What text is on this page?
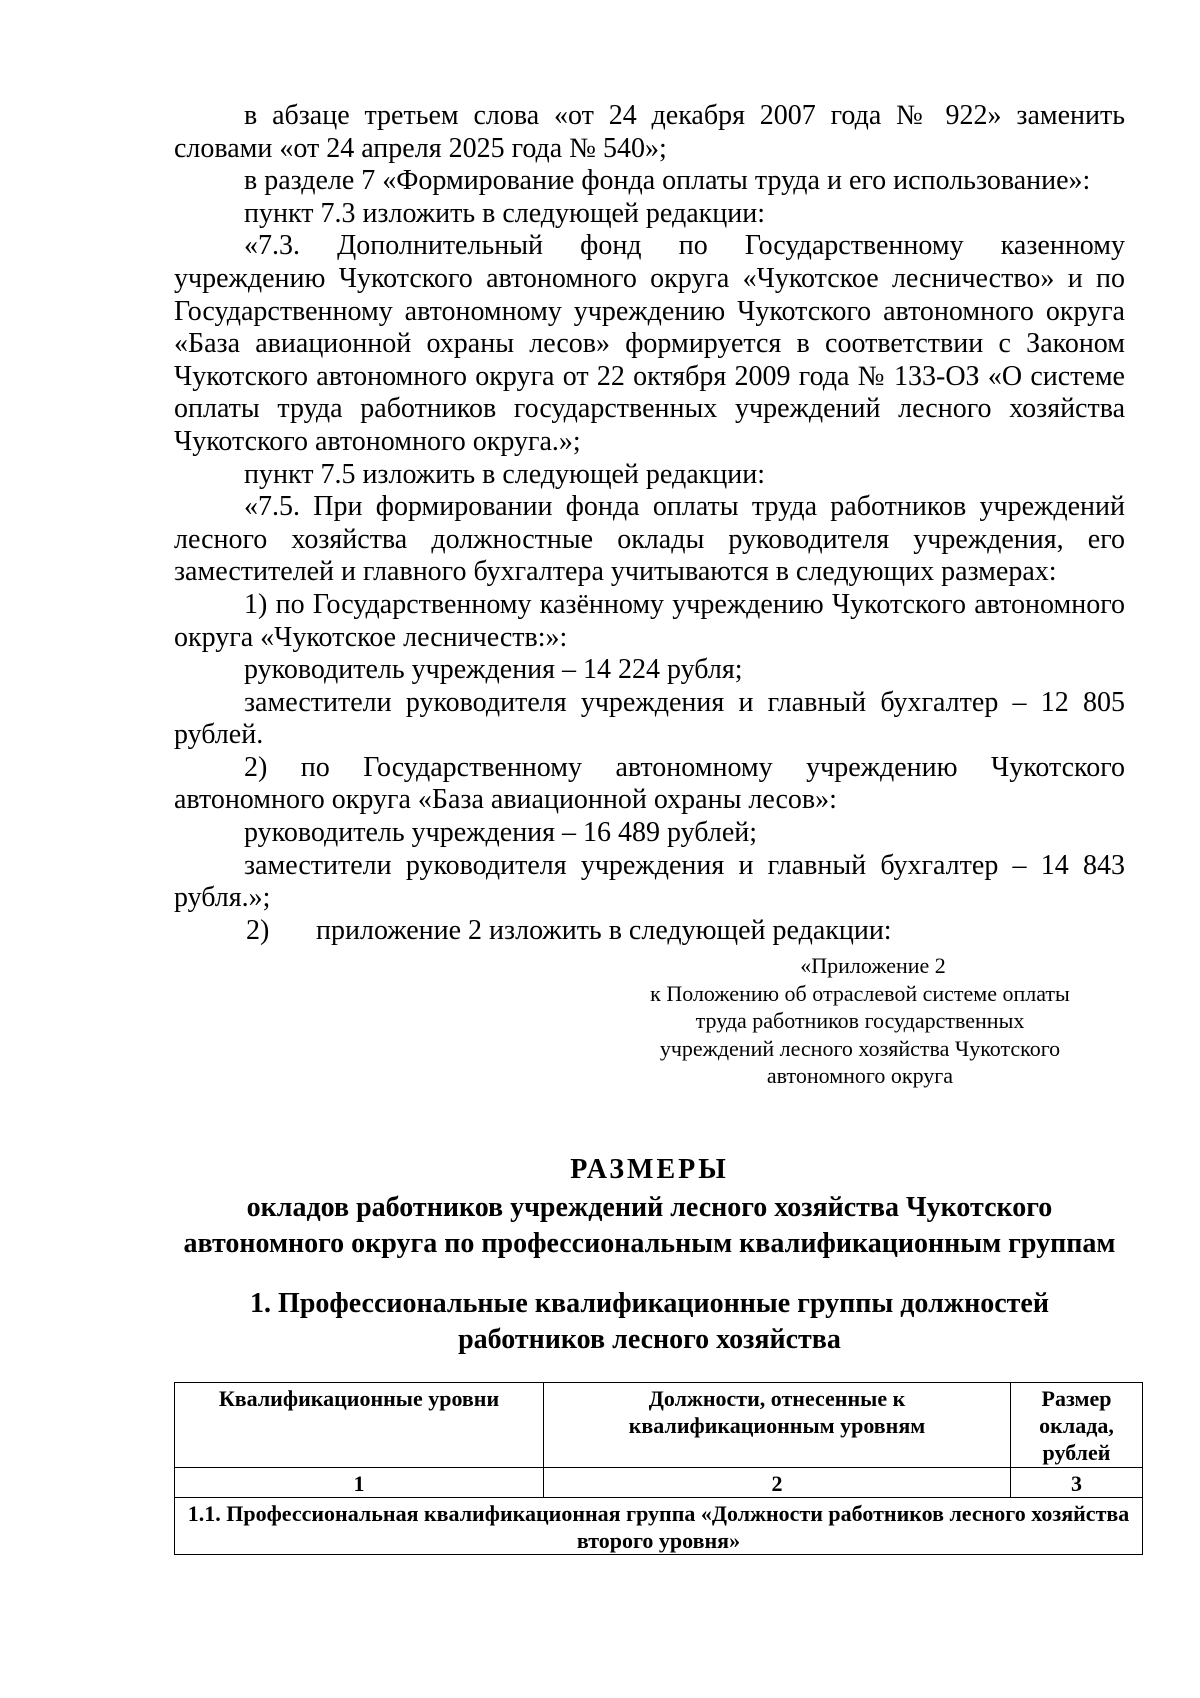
в абзаце третьем слова «от 24 декабря 2007 года № 922» заменить словами «от 24 апреля 2025 года № 540»;

в разделе 7 «Формирование фонда оплаты труда и его использование»:

пункт 7.3 изложить в следующей редакции:

«7.3. Дополнительный фонд по Государственному казенному учреждению Чукотского автономного округа «Чукотское лесничество» и по Государственному автономному учреждению Чукотского автономного округа «База авиационной охраны лесов» формируется в соответствии с Законом Чукотского автономного округа от 22 октября 2009 года № 133-ОЗ «О системе оплаты труда работников государственных учреждений лесного хозяйства Чукотского автономного округа.»;

пункт 7.5 изложить в следующей редакции:

«7.5. При формировании фонда оплаты труда работников учреждений лесного хозяйства должностные оклады руководителя учреждения, его заместителей и главного бухгалтера учитываются в следующих размерах:

1) по Государственному казённому учреждению Чукотского автономного округа «Чукотское лесничеств:»:

руководитель учреждения – 14 224 рубля;

заместители руководителя учреждения и главный бухгалтер – 12 805 рублей.

2) по Государственному автономному учреждению Чукотского автономного округа «База авиационной охраны лесов»:

руководитель учреждения – 16 489 рублей;

заместители руководителя учреждения и главный бухгалтер – 14 843 рубля.»;

2) приложение 2 изложить в следующей редакции:
«Приложение 2
к Положению об отраслевой системе оплаты
труда работников государственных
учреждений лесного хозяйства Чукотского
автономного округа
РАЗМЕРЫ
окладов работников учреждений лесного хозяйства Чукотского
автономного округа по профессиональным квалификационным группам
1. Профессиональные квалификационные группы должностей
работников лесного хозяйства
Квалификационные уровни	Должности, отнесенные к квалификационным уровням	Размер оклада, рублей
1	2	3
1.1. Профессиональная квалификационная группа «Должности работников лесного хозяйства второго уровня»		
